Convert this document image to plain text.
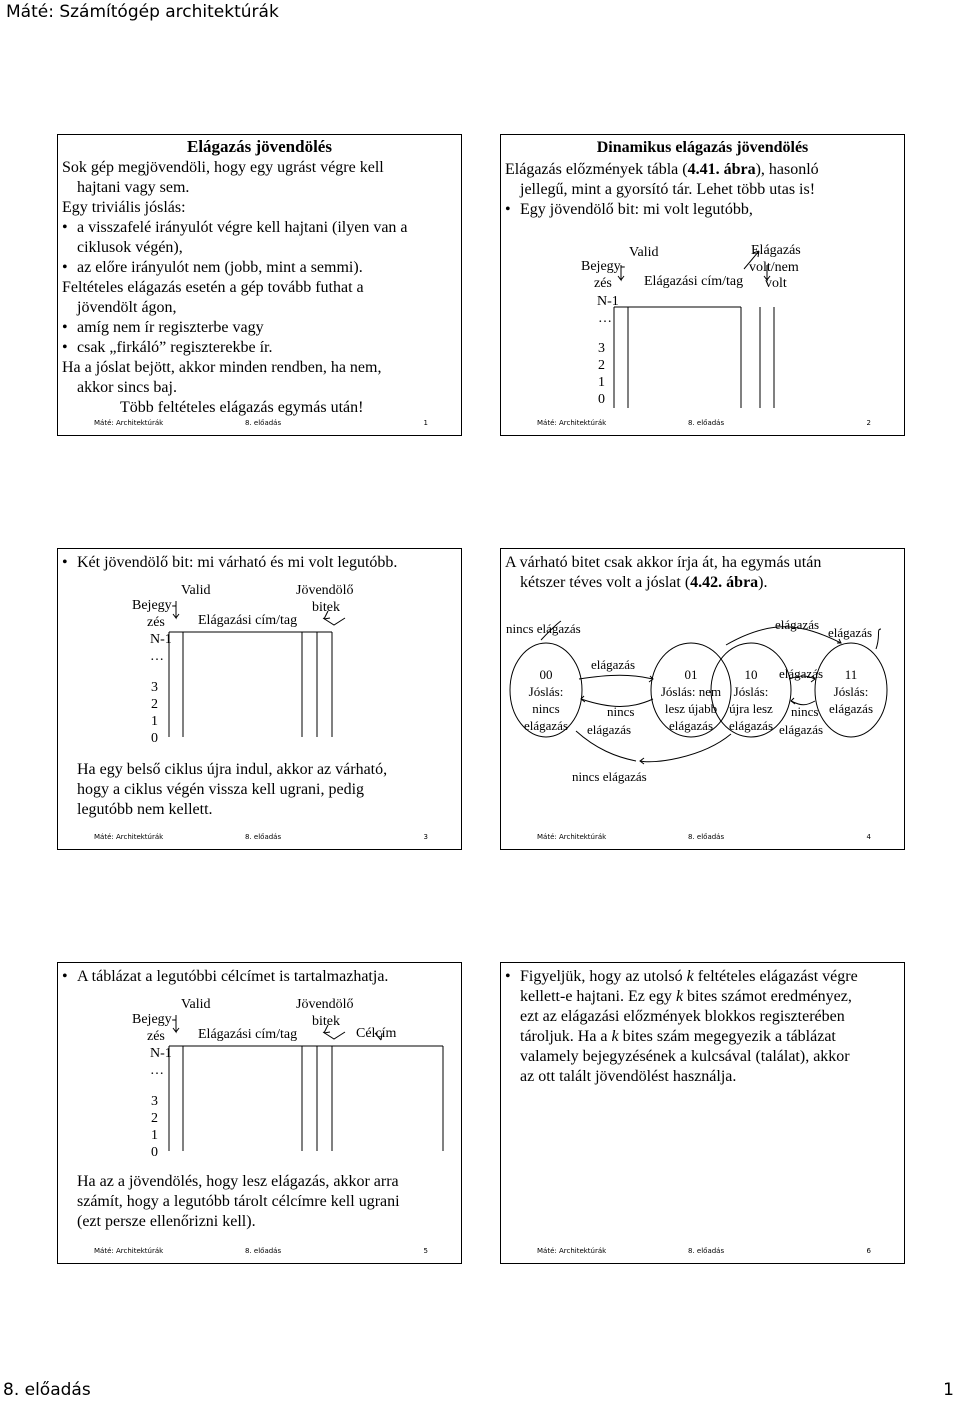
Máté: Számítógép architektúrák
Elágazás jövendölés
Sok gép megjövendöli, hogy egy ugrást végre kell
hajtani vagy sem.
Egy triviális jóslás:
• a visszafelé irányulót végre kell hajtani (ilyen van a
ciklusok végén),
• az előre irányulót nem (jobb, mint a semmi).
Feltételes elágazás esetén a gép tovább futhat a
jövendölt ágon,
• amíg nem ír regiszterbe vagy
• csak „firkáló” regiszterekbe ír.
Ha a jóslat bejött, akkor minden rendben, ha nem,
akkor sincs baj.
Több feltételes elágazás egymás után!
Máté: Architektúrák	8. előadás	1
Dinamikus elágazás jövendölés
Elágazás előzmények tábla (4.41. ábra), hasonló
jellegű, mint a gyorsító tár. Lehet több utas is!
• Egy jövendölő bit: mi volt legutóbb,
Valid
Bejegy-
zés Elágazási cím/tag
Elágazás
volt/nem
volt
N-1
…
3
2
1
0
Máté: Architektúrák	8. előadás	2
• Két jövendölő bit: mi várható és mi volt legutóbb.
Valid
Bejegy-
zés Elágazási cím/tag
Jövendölő
bitek
N-1
…
3
2
1
0
Ha egy belső ciklus újra indul, akkor az várható,
hogy a ciklus végén vissza kell ugrani, pedig
legutóbb nem kellett.
Máté: Architektúrák	8. előadás	3
A várható bitet csak akkor írja át, ha egymás után
kétszer téves volt a jóslat (4.42. ábra).
nincs elágazás
elágazás
nincs
elágazás
elágazás
elágazás
elágazás
nincs
elágazás
nincs elágazás
00
Jóslás:
nincs
elágazás
01
Jóslás: nem
lesz újabb
elágazás
10
Jóslás:
újra lesz
elágazás
11
Jóslás:
elágazás
Máté: Architektúrák	8. előadás	4
• A táblázat a legutóbbi célcímet is tartalmazhatja.
Valid
Bejegy-
zés Elágazási cím/tag
Jövendölő
bitek
Célcím
N-1
…
3
2
1
0
Ha az a jövendölés, hogy lesz elágazás, akkor arra
számít, hogy a legutóbb tárolt célcímre kell ugrani
(ezt persze ellenőrizni kell).
Máté: Architektúrák	8. előadás	5
• Figyeljük, hogy az utolsó k feltételes elágazást végre
kellett-e hajtani. Ez egy k bites számot eredményez,
ezt az elágazási előzmények blokkos regiszterében
tároljuk. Ha a k bites szám megegyezik a táblázat
valamely bejegyzésének a kulcsával (találat), akkor
az ott talált jövendölést használja.
Máté: Architektúrák	8. előadás	6
8. előadás	1
